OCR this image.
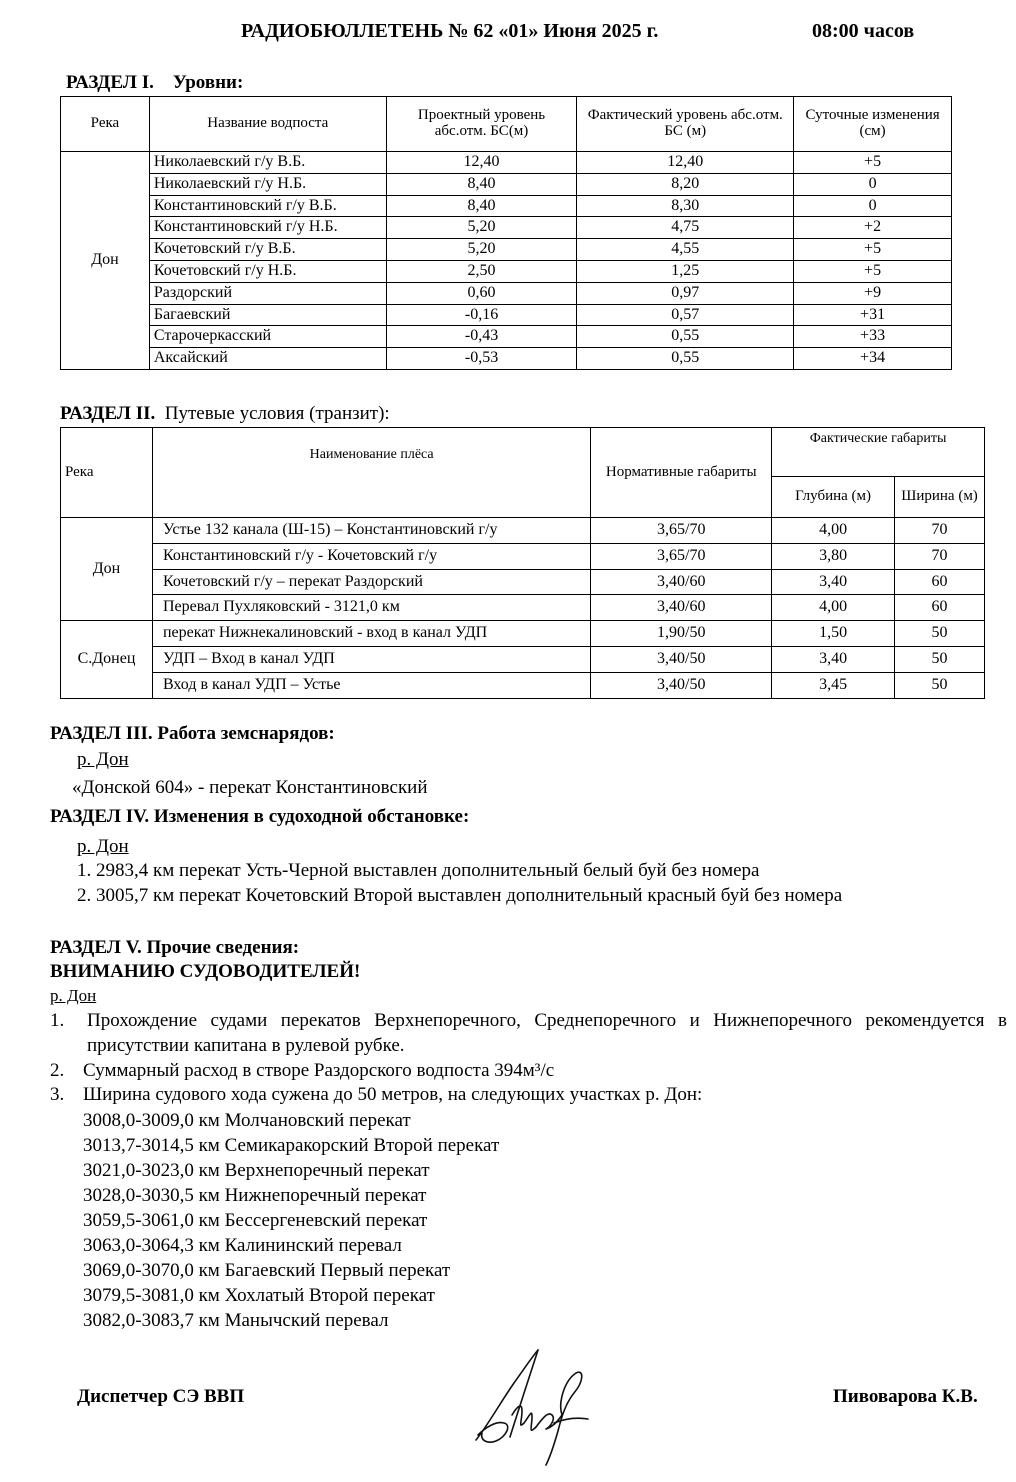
РАДИОБЮЛЛЕТЕНЬ № 62 «01» Июня 2025 г.	08:00 часов
РАЗДЕЛ I. Уровни:
Река	Название водпоста	Проектный уровень абс.отм. БС(м)	Фактический уровень абс.отм. БС (м)	Суточные изменения (см)
Дон	Николаевский г/у В.Б.	12,40	12,40	+5
	Николаевский г/у Н.Б.	8,40	8,20	0
	Константиновский г/у В.Б.	8,40	8,30	0
	Константиновский г/у Н.Б.	5,20	4,75	+2
	Кочетовский г/у В.Б.	5,20	4,55	+5
	Кочетовский г/у Н.Б.	2,50	1,25	+5
	Раздорский	0,60	0,97	+9
	Багаевский	-0,16	0,57	+31
	Старочеркасский	-0,43	0,55	+33
	Аксайский	-0,53	0,55	+34
РАЗДЕЛ II. Путевые условия (транзит):
Река	Наименование плёса	Нормативные габариты	Фактические габариты	
			Глубина (м)	Ширина (м)
Дон	Устье 132 канала (Ш-15) – Константиновский г/у	3,65/70	4,00	70
	Константиновский г/у - Кочетовский г/у	3,65/70	3,80	70
	Кочетовский г/у – перекат Раздорский	3,40/60	3,40	60
	Перевал Пухляковский - 3121,0 км	3,40/60	4,00	60
С.Донец	перекат Нижнекалиновский - вход в канал УДП	1,90/50	1,50	50
	УДП – Вход в канал УДП	3,40/50	3,40	50
	Вход в канал УДП – Устье	3,40/50	3,45	50
РАЗДЕЛ III. Работа земснарядов:
р. Дон
«Донской 604» - перекат Константиновский
РАЗДЕЛ IV. Изменения в судоходной обстановке:
р. Дон
1. 2983,4 км перекат Усть-Черной выставлен дополнительный белый буй без номера
2. 3005,7 км перекат Кочетовский Второй выставлен дополнительный красный буй без номера
РАЗДЕЛ V. Прочие сведения:
ВНИМАНИЮ СУДОВОДИТЕЛЕЙ!
р. Дон
1. Прохождение судами перекатов Верхнепоречного, Среднепоречного и Нижнепоречного рекомендуется в присутствии капитана в рулевой рубке.
2. Суммарный расход в створе Раздорского водпоста 394м³/с
3. Ширина судового хода сужена до 50 метров, на следующих участках р. Дон:
3008,0-3009,0 км Молчановский перекат
3013,7-3014,5 км Семикаракорский Второй перекат
3021,0-3023,0 км Верхнепоречный перекат
3028,0-3030,5 км Нижнепоречный перекат
3059,5-3061,0 км Бессергеневский перекат
3063,0-3064,3 км Калининский перевал
3069,0-3070,0 км Багаевский Первый перекат
3079,5-3081,0 км Хохлатый Второй перекат
3082,0-3083,7 км Манычский перевал
Диспетчер СЭ ВВП	Пивоварова К.В.
